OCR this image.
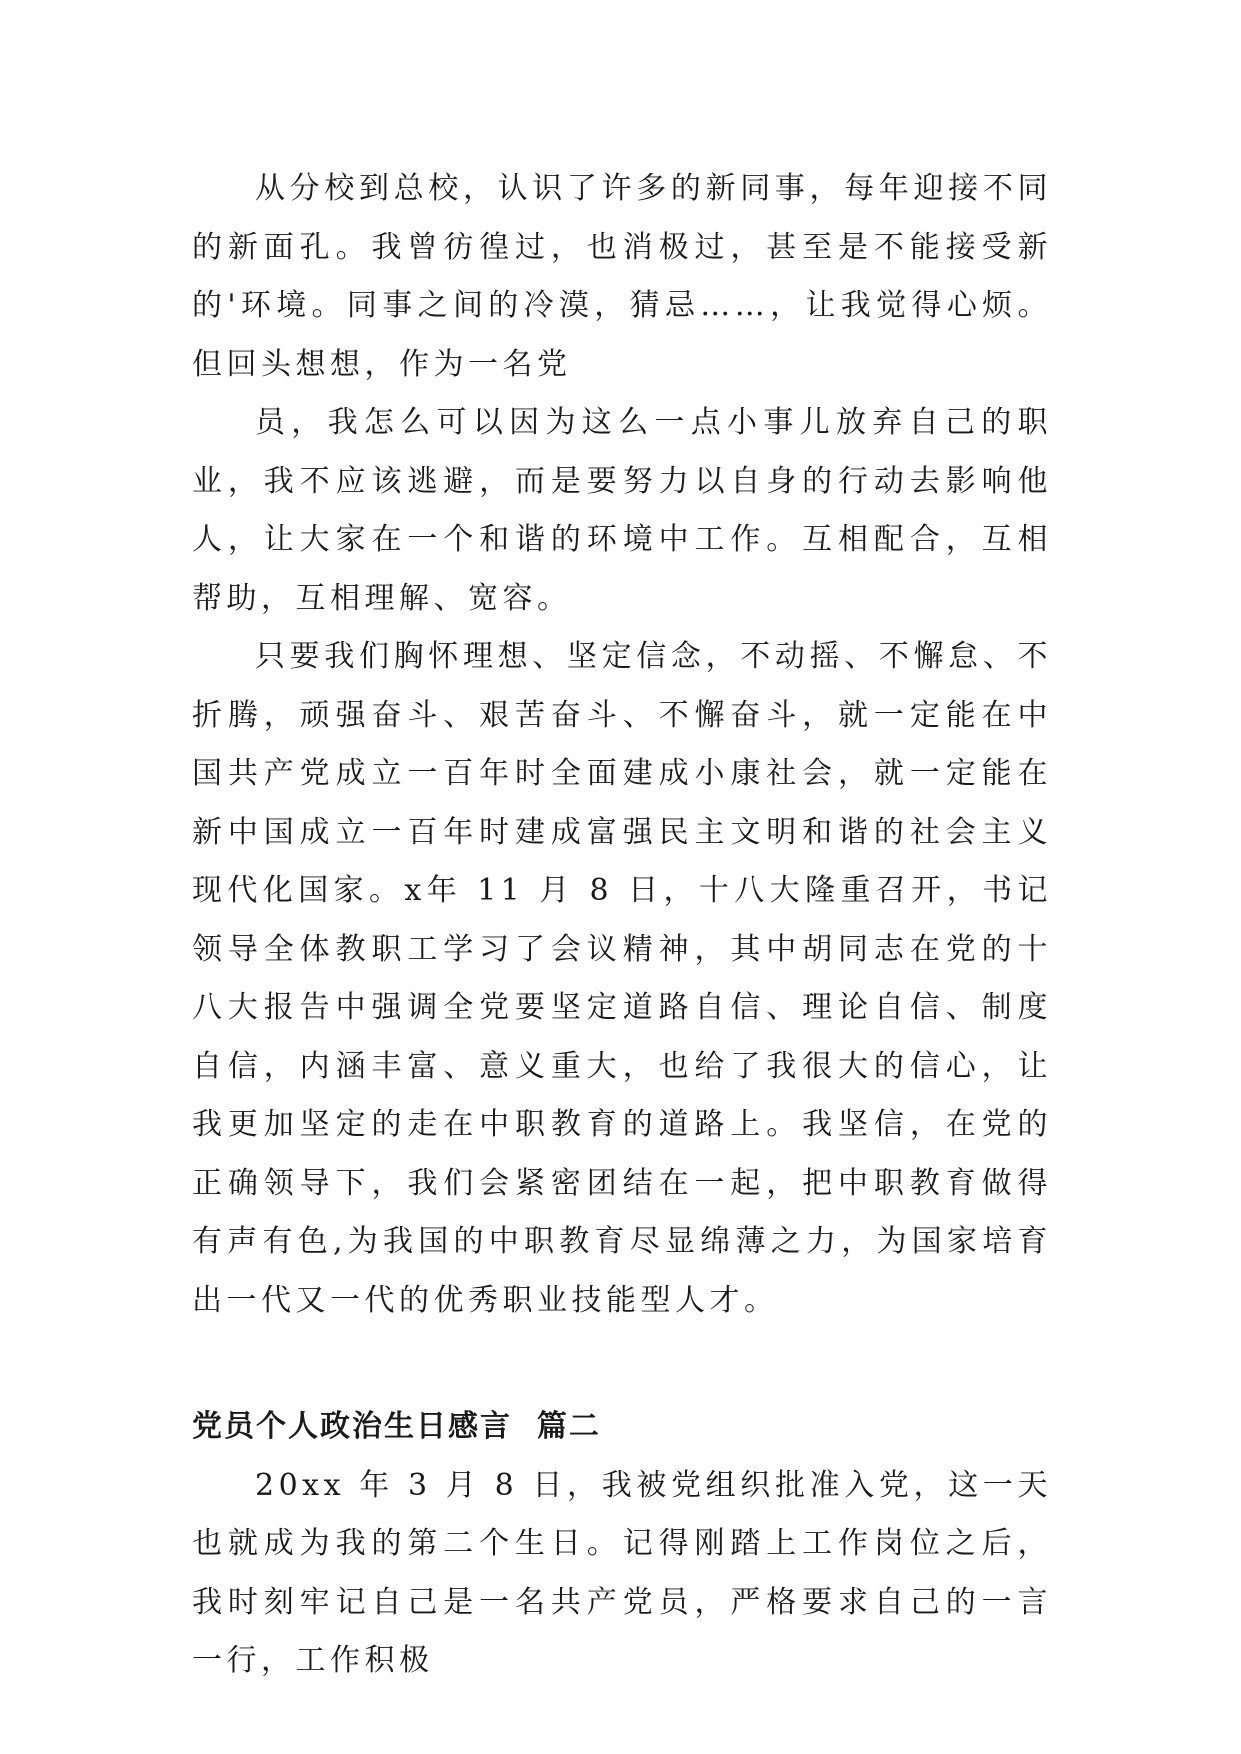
从分校到总校，认识了许多的新同事，每年迎接不同的新面孔。我曾彷徨过，也消极过，甚至是不能接受新的'环境。同事之间的冷漠，猜忌……，让我觉得心烦。但回头想想，作为一名党

员，我怎么可以因为这么一点小事儿放弃自己的职业，我不应该逃避，而是要努力以自身的行动去影响他人，让大家在一个和谐的环境中工作。互相配合，互相帮助，互相理解、宽容。

只要我们胸怀理想、坚定信念，不动摇、不懈怠、不折腾，顽强奋斗、艰苦奋斗、不懈奋斗，就一定能在中国共产党成立一百年时全面建成小康社会，就一定能在新中国成立一百年时建成富强民主文明和谐的社会主义现代化国家。x年 11 月 8 日，十八大隆重召开，书记领导全体教职工学习了会议精神，其中胡同志在党的十八大报告中强调全党要坚定道路自信、理论自信、制度自信，内涵丰富、意义重大，也给了我很大的信心，让我更加坚定的走在中职教育的道路上。我坚信，在党的正确领导下，我们会紧密团结在一起，把中职教育做得有声有色,为我国的中职教育尽显绵薄之力，为国家培育出一代又一代的优秀职业技能型人才。

党员个人政治生日感言  篇二

20xx 年 3 月 8 日，我被党组织批准入党，这一天也就成为我的第二个生日。记得刚踏上工作岗位之后，我时刻牢记自己是一名共产党员，严格要求自己的一言一行，工作积极
